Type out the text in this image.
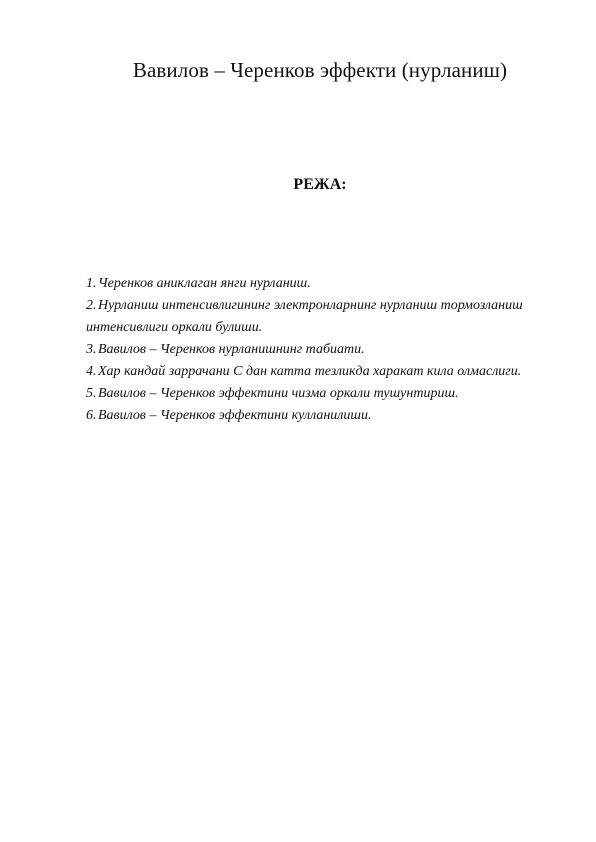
Вавилов – Черенков эффекти (нурланиш)
РЕЖА:
1. Черенков аниклаган янги нурланиш.
2. Нурланиш интенсивлигининг электронларнинг нурланиш тормозланиш интенсивлиги оркали булиши.
3. Вавилов – Черенков нурланишнинг табиати.
4. Хар кандай заррачани С дан катта тезликда харакат кила олмаслиги.
5. Вавилов – Черенков эффектини чизма оркали тушунтириш.
6. Вавилов – Черенков эффектини кулланилиши.
